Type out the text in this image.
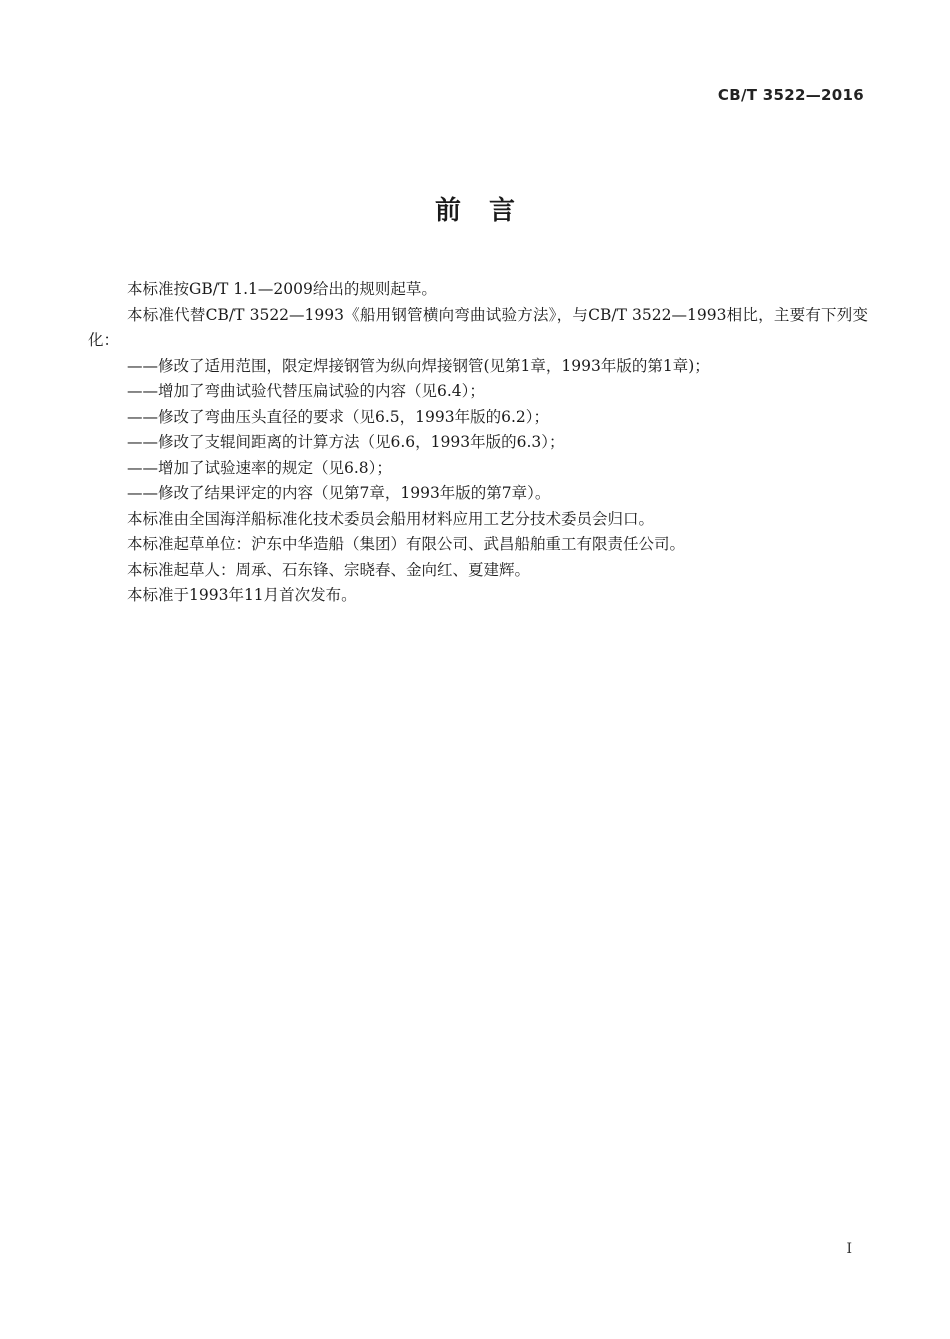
CB/T 3522—2016
前言

本标准按GB/T 1.1—2009给出的规则起草。

本标准代替CB/T 3522—1993《船用钢管横向弯曲试验方法》，与CB/T 3522—1993相比，主要有下列变化：

——修改了适用范围，限定焊接钢管为纵向焊接钢管(见第1章，1993年版的第1章)；

——增加了弯曲试验代替压扁试验的内容（见6.4）；

——修改了弯曲压头直径的要求（见6.5，1993年版的6.2）；

——修改了支辊间距离的计算方法（见6.6，1993年版的6.3）；

——增加了试验速率的规定（见6.8）；

——修改了结果评定的内容（见第7章，1993年版的第7章）。

本标准由全国海洋船标准化技术委员会船用材料应用工艺分技术委员会归口。

本标准起草单位：沪东中华造船（集团）有限公司、武昌船舶重工有限责任公司。

本标准起草人：周承、石东锋、宗晓春、金向红、夏建辉。

本标准于1993年11月首次发布。

I
